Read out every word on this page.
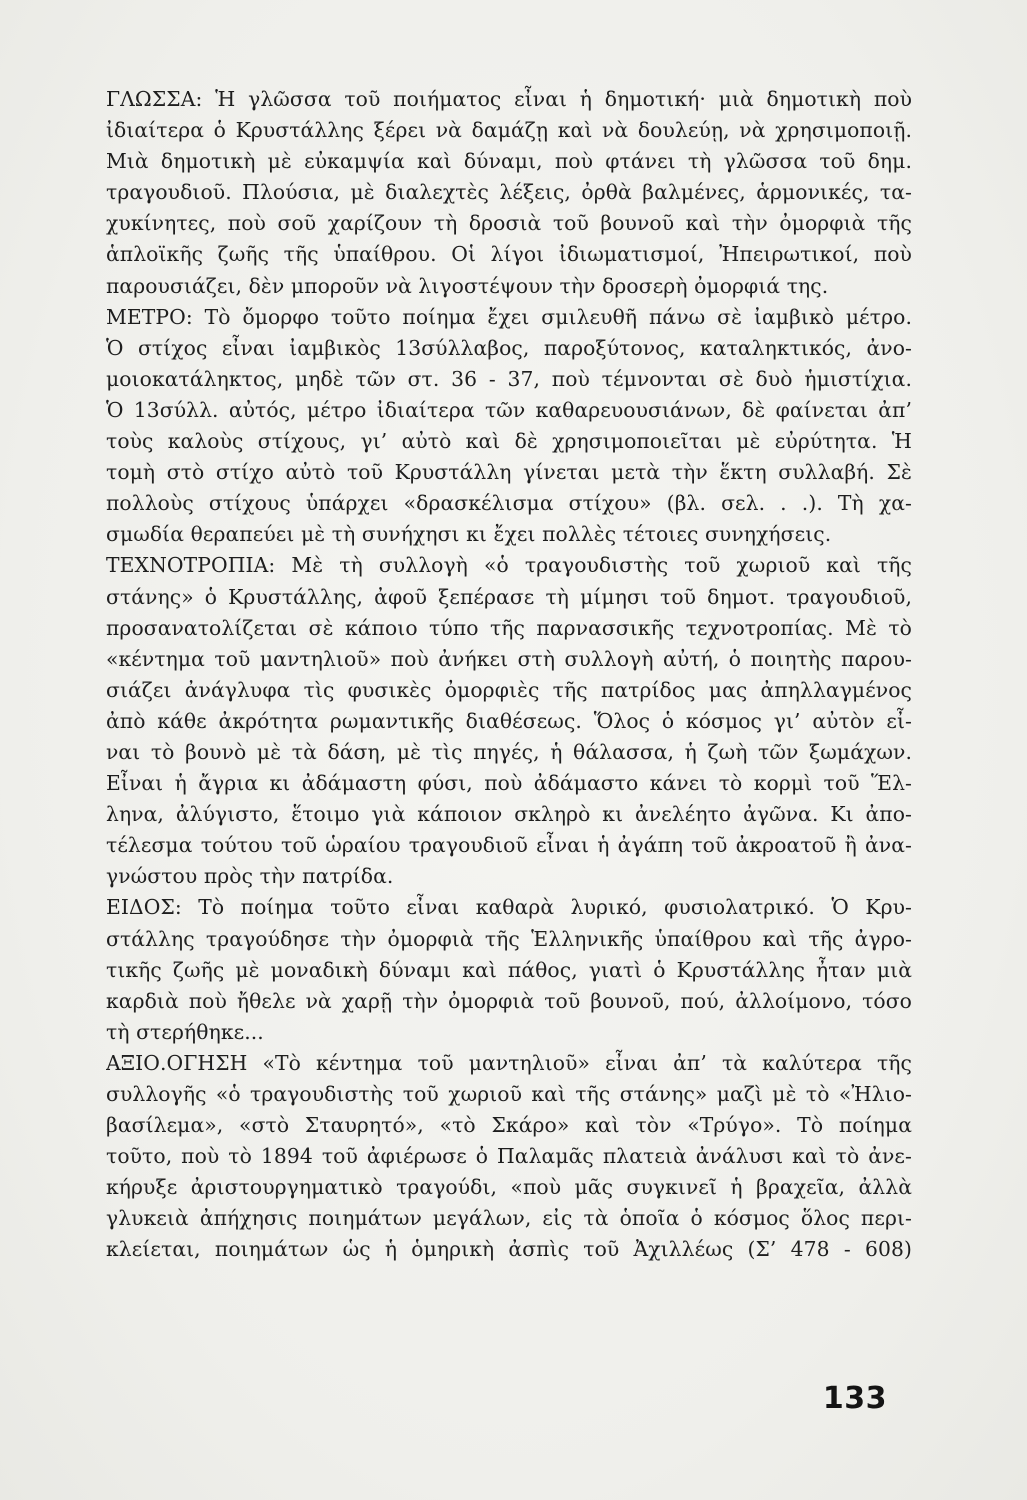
ΓΛΩΣΣΑ: Ἡ γλῶσσα τοῦ ποιήματος εἶναι ἡ δημοτική· μιὰ δημοτικὴ ποὺ
ἰδιαίτερα ὁ Κρυστάλλης ξέρει νὰ δαμάζῃ καὶ νὰ δουλεύῃ, νὰ χρησιμοποιῇ.
Μιὰ δημοτικὴ μὲ εὐκαμψία καὶ δύναμι, ποὺ φτάνει τὴ γλῶσσα τοῦ δημ.
τραγουδιοῦ. Πλούσια, μὲ διαλεχτὲς λέξεις, ὀρθὰ βαλμένες, ἁρμονικές, τα-
χυκίνητες, ποὺ σοῦ χαρίζουν τὴ δροσιὰ τοῦ βουνοῦ καὶ τὴν ὀμορφιὰ τῆς
ἁπλοϊκῆς ζωῆς τῆς ὑπαίθρου. Οἱ λίγοι ἰδιωματισμοί, Ἠπειρωτικοί, ποὺ
παρουσιάζει, δὲν μποροῦν νὰ λιγοστέψουν τὴν δροσερὴ ὀμορφιά της.
ΜΕΤΡΟ: Τὸ ὄμορφο τοῦτο ποίημα ἔχει σμιλευθῆ πάνω σὲ ἰαμβικὸ μέτρο.
Ὁ στίχος εἶναι ἰαμβικὸς 13σύλλαβος, παροξύτονος, καταληκτικός, ἀνο-
μοιοκατάληκτος, μηδὲ τῶν στ. 36 - 37, ποὺ τέμνονται σὲ δυὸ ἡμιστίχια.
Ὁ 13σύλλ. αὐτός, μέτρο ἰδιαίτερα τῶν καθαρευουσιάνων, δὲ φαίνεται ἀπ’
τοὺς καλοὺς στίχους, γι’ αὐτὸ καὶ δὲ χρησιμοποιεῖται μὲ εὐρύτητα. Ἡ
τομὴ στὸ στίχο αὐτὸ τοῦ Κρυστάλλη γίνεται μετὰ τὴν ἕκτη συλλαβή. Σὲ
πολλοὺς στίχους ὑπάρχει «δρασκέλισμα στίχου» (βλ. σελ. . .). Τὴ χα-
σμωδία θεραπεύει μὲ τὴ συνήχησι κι ἔχει πολλὲς τέτοιες συνηχήσεις.
ΤΕΧΝΟΤΡΟΠΙΑ: Μὲ τὴ συλλογὴ «ὁ τραγουδιστὴς τοῦ χωριοῦ καὶ τῆς
στάνης» ὁ Κρυστάλλης, ἀφοῦ ξεπέρασε τὴ μίμησι τοῦ δημοτ. τραγουδιοῦ,
προσανατολίζεται σὲ κάποιο τύπο τῆς παρνασσικῆς τεχνοτροπίας. Μὲ τὸ
«κέντημα τοῦ μαντηλιοῦ» ποὺ ἀνήκει στὴ συλλογὴ αὐτή, ὁ ποιητὴς παρου-
σιάζει ἀνάγλυφα τὶς φυσικὲς ὀμορφιὲς τῆς πατρίδος μας ἀπηλλαγμένος
ἀπὸ κάθε ἀκρότητα ρωμαντικῆς διαθέσεως. Ὅλος ὁ κόσμος γι’ αὐτὸν εἶ-
ναι τὸ βουνὸ μὲ τὰ δάση, μὲ τὶς πηγές, ἡ θάλασσα, ἡ ζωὴ τῶν ξωμάχων.
Εἶναι ἡ ἄγρια κι ἀδάμαστη φύσι, ποὺ ἀδάμαστο κάνει τὸ κορμὶ τοῦ Ἕλ-
ληνα, ἀλύγιστο, ἕτοιμο γιὰ κάποιον σκληρὸ κι ἀνελέητο ἀγῶνα. Κι ἀπο-
τέλεσμα τούτου τοῦ ὡραίου τραγουδιοῦ εἶναι ἡ ἀγάπη τοῦ ἀκροατοῦ ἢ ἀνα-
γνώστου πρὸς τὴν πατρίδα.
ΕΙΔΟΣ: Τὸ ποίημα τοῦτο εἶναι καθαρὰ λυρικό, φυσιολατρικό. Ὁ Κρυ-
στάλλης τραγούδησε τὴν ὀμορφιὰ τῆς Ἑλληνικῆς ὑπαίθρου καὶ τῆς ἀγρο-
τικῆς ζωῆς μὲ μοναδικὴ δύναμι καὶ πάθος, γιατὶ ὁ Κρυστάλλης ἦταν μιὰ
καρδιὰ ποὺ ἤθελε νὰ χαρῇ τὴν ὀμορφιὰ τοῦ βουνοῦ, πού, ἀλλοίμονο, τόσο
τὴ στερήθηκε...
ΑΞΙΟ.ΟΓΗΣΗ «Τὸ κέντημα τοῦ μαντηλιοῦ» εἶναι ἀπ’ τὰ καλύτερα τῆς
συλλογῆς «ὁ τραγουδιστὴς τοῦ χωριοῦ καὶ τῆς στάνης» μαζὶ μὲ τὸ «Ἠλιο-
βασίλεμα», «στὸ Σταυρητό», «τὸ Σκάρο» καὶ τὸν «Τρύγο». Τὸ ποίημα
τοῦτο, ποὺ τὸ 1894 τοῦ ἀφιέρωσε ὁ Παλαμᾶς πλατειὰ ἀνάλυσι καὶ τὸ ἀνε-
κήρυξε ἀριστουργηματικὸ τραγούδι, «ποὺ μᾶς συγκινεῖ ἡ βραχεῖα, ἀλλὰ
γλυκειὰ ἀπήχησις ποιημάτων μεγάλων, εἰς τὰ ὁποῖα ὁ κόσμος ὅλος περι-
κλείεται, ποιημάτων ὡς ἡ ὁμηρικὴ ἀσπὶς τοῦ Ἀχιλλέως (Σ’ 478 - 608)
133
